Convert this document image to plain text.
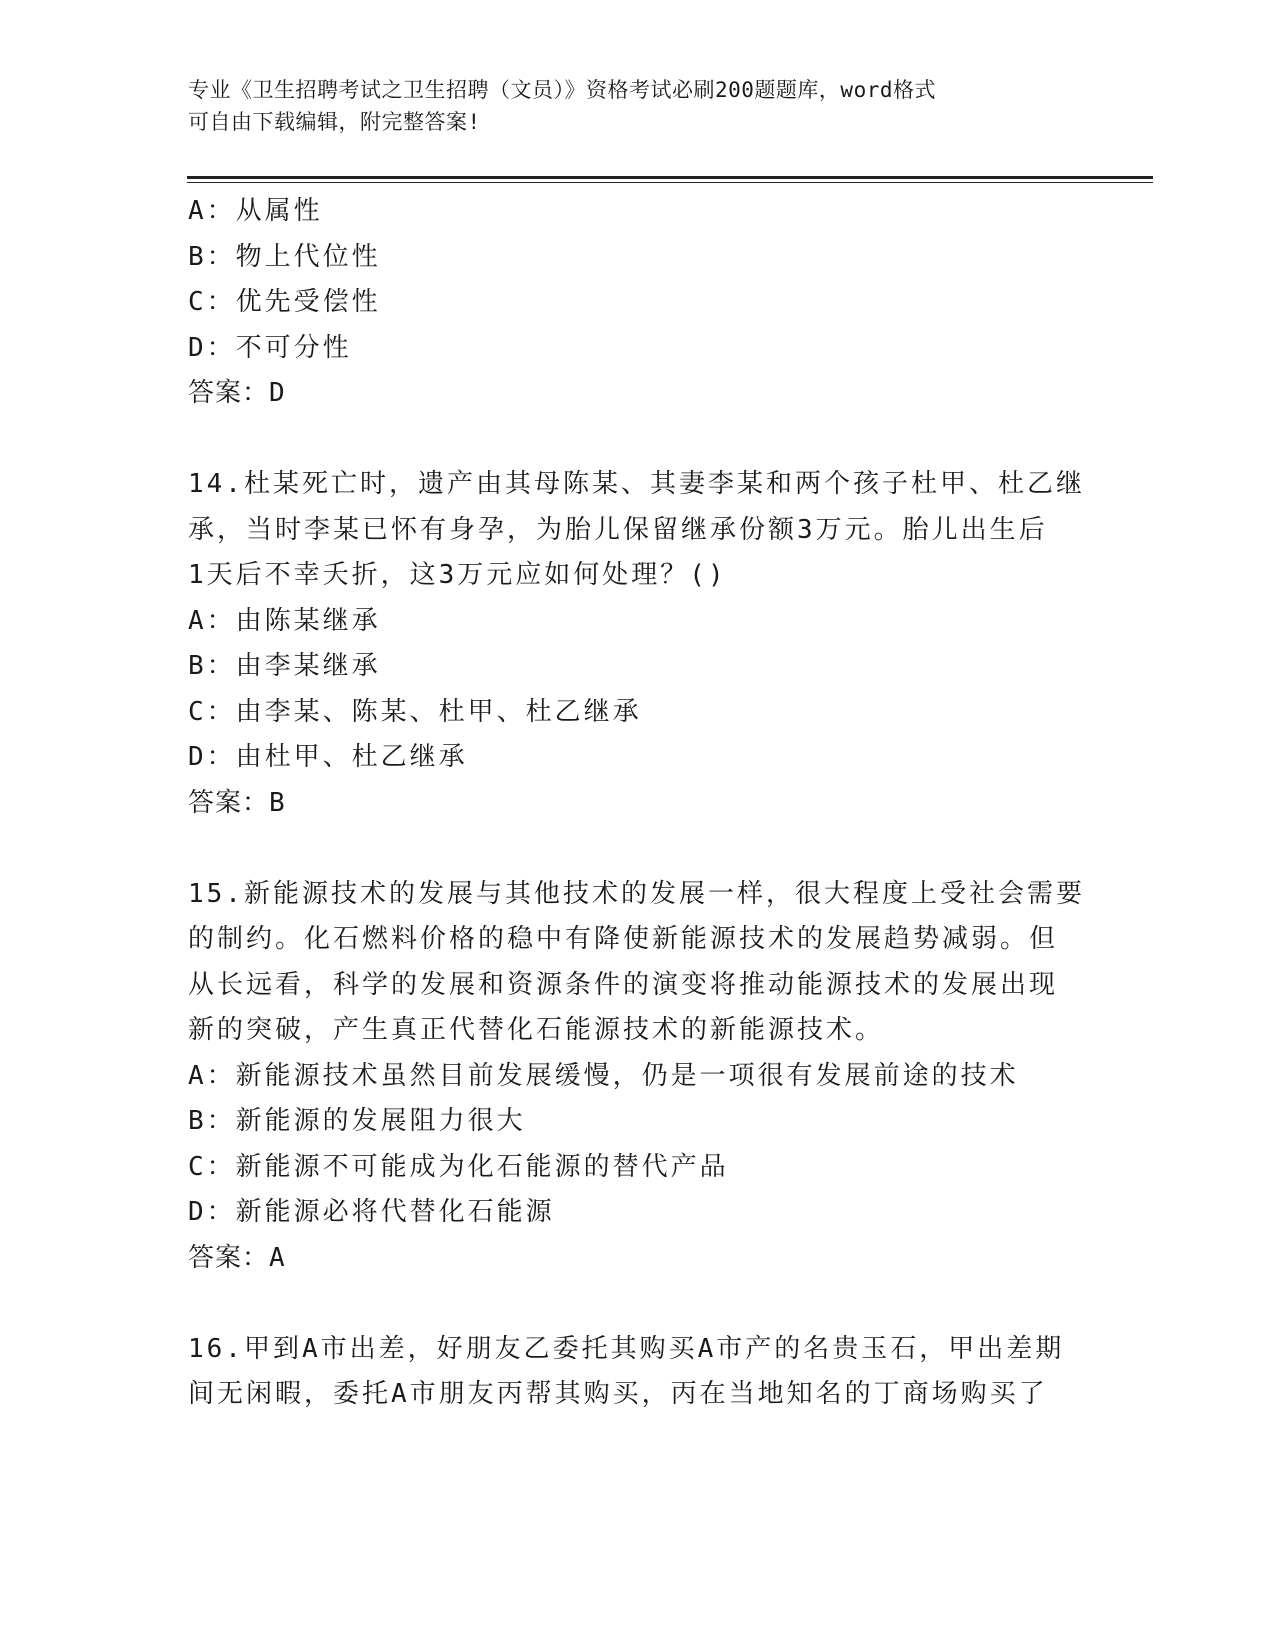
专业《卫生招聘考试之卫生招聘（文员）》资格考试必刷200题题库，word格式
可自由下载编辑，附完整答案!

A：从属性

B：物上代位性

C：优先受偿性

D：不可分性

答案：D

14.杜某死亡时，遗产由其母陈某、其妻李某和两个孩子杜甲、杜乙继

承，当时李某已怀有身孕，为胎儿保留继承份额3万元。胎儿出生后

1天后不幸夭折，这3万元应如何处理？()

A：由陈某继承

B：由李某继承

C：由李某、陈某、杜甲、杜乙继承

D：由杜甲、杜乙继承

答案：B

15.新能源技术的发展与其他技术的发展一样，很大程度上受社会需要

的制约。化石燃料价格的稳中有降使新能源技术的发展趋势减弱。但

从长远看，科学的发展和资源条件的演变将推动能源技术的发展出现

新的突破，产生真正代替化石能源技术的新能源技术。

A：新能源技术虽然目前发展缓慢，仍是一项很有发展前途的技术

B：新能源的发展阻力很大

C：新能源不可能成为化石能源的替代产品

D：新能源必将代替化石能源

答案：A

16.甲到A市出差，好朋友乙委托其购买A市产的名贵玉石，甲出差期

间无闲暇，委托A市朋友丙帮其购买，丙在当地知名的丁商场购买了
